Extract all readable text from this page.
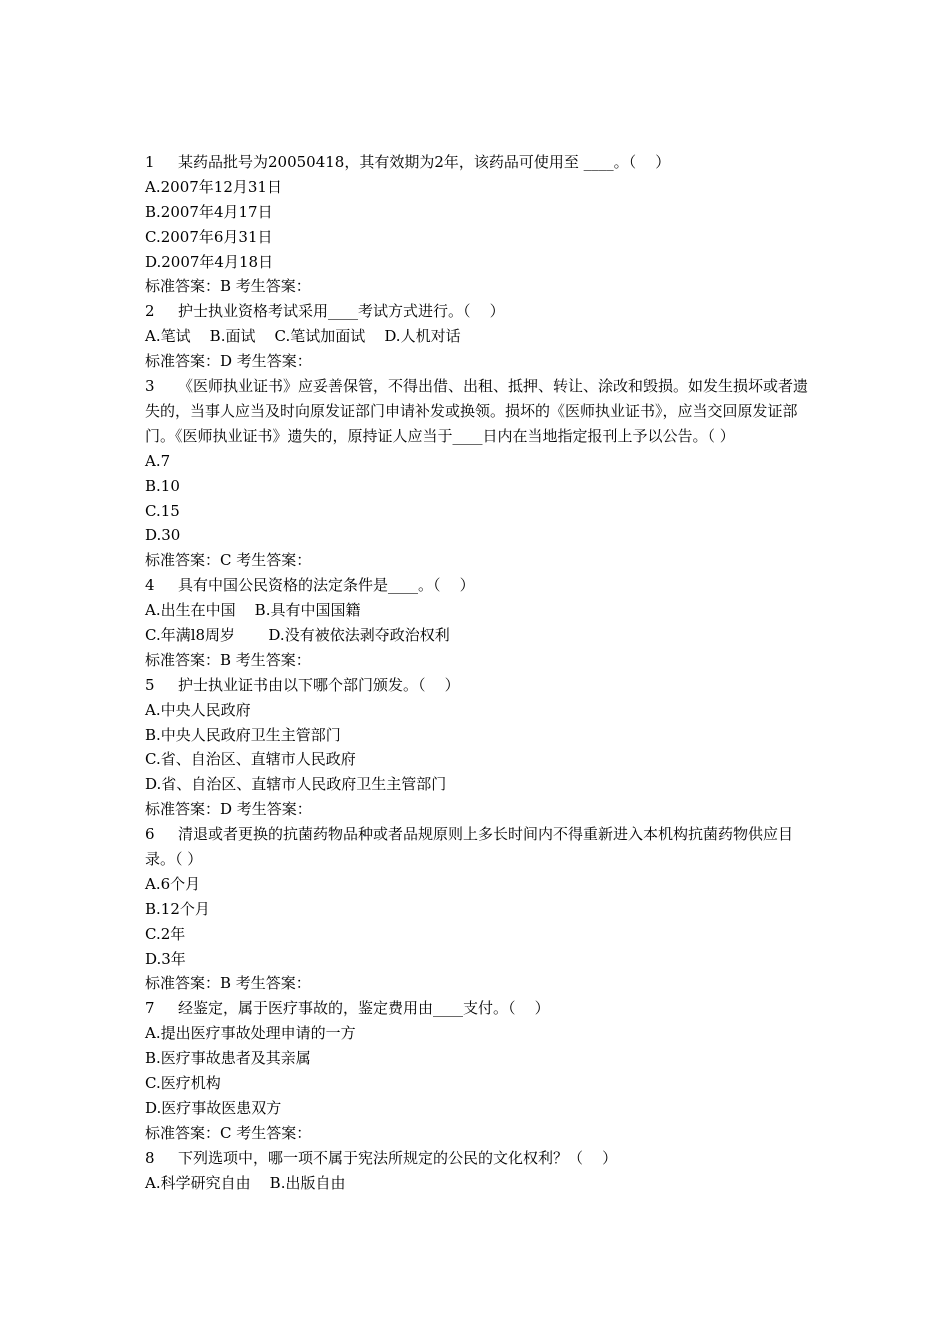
1 某药品批号为20050418，其有效期为2年，该药品可使用至 ____。（    ）
A.2007年12月31日
B.2007年4月17日
C.2007年6月31日
D.2007年4月18日
标准答案：B 考生答案：
2 护士执业资格考试采用____考试方式进行。（    ）
A.笔试    B.面试    C.笔试加面试    D.人机对话
标准答案：D 考生答案：
3 《医师执业证书》应妥善保管，不得出借、出租、抵押、转让、涂改和毁损。如发生损坏或者遗失的，当事人应当及时向原发证部门申请补发或换领。损坏的《医师执业证书》，应当交回原发证部门。《医师执业证书》遗失的，原持证人应当于____日内在当地指定报刊上予以公告。（ ）
A.7
B.10
C.15
D.30
标准答案：C 考生答案：
4 具有中国公民资格的法定条件是____。（    ）
A.出生在中国    B.具有中国国籍
C.年满l8周岁       D.没有被依法剥夺政治权利
标准答案：B 考生答案：
5 护士执业证书由以下哪个部门颁发。（    ）
A.中央人民政府
B.中央人民政府卫生主管部门
C.省、自治区、直辖市人民政府
D.省、自治区、直辖市人民政府卫生主管部门
标准答案：D 考生答案：
6 清退或者更换的抗菌药物品种或者品规原则上多长时间内不得重新进入本机构抗菌药物供应目录。（ ）
A.6个月
B.12个月
C.2年
D.3年
标准答案：B 考生答案：
7 经鉴定，属于医疗事故的，鉴定费用由____支付。（    ）
A.提出医疗事故处理申请的一方
B.医疗事故患者及其亲属
C.医疗机构
D.医疗事故医患双方
标准答案：C 考生答案：
8 下列选项中，哪一项不属于宪法所规定的公民的文化权利？（    ）
A.科学研究自由    B.出版自由
